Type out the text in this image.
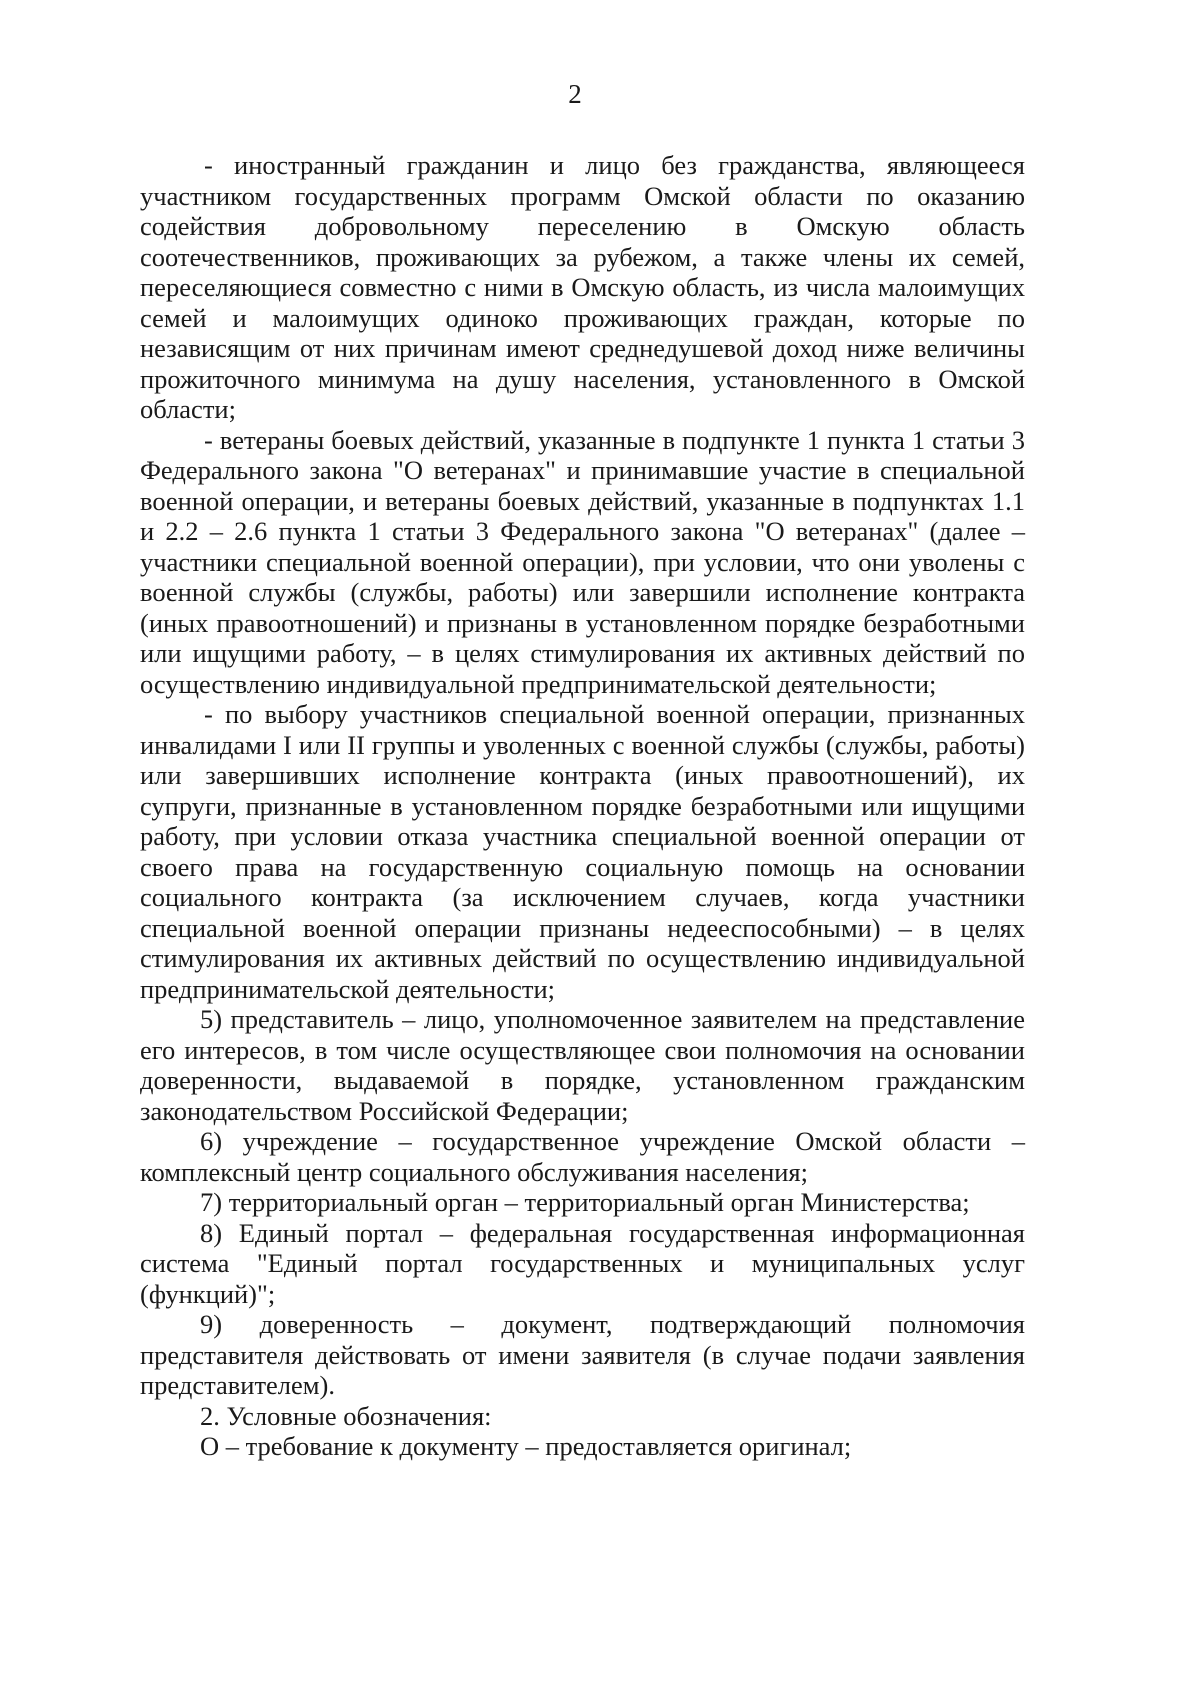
2

- иностранный гражданин и лицо без гражданства, являющееся участником государственных программ Омской области по оказанию содействия добровольному переселению в Омскую область соотечественников, проживающих за рубежом, а также члены их семей, переселяющиеся совместно с ними в Омскую область, из числа малоимущих семей и малоимущих одиноко проживающих граждан, которые по независящим от них причинам имеют среднедушевой доход ниже величины прожиточного минимума на душу населения, установленного в Омской области;

- ветераны боевых действий, указанные в подпункте 1 пункта 1 статьи 3 Федерального закона "О ветеранах" и принимавшие участие в специальной военной операции, и ветераны боевых действий, указанные в подпунктах 1.1 и 2.2 – 2.6 пункта 1 статьи 3 Федерального закона "О ветеранах" (далее – участники специальной военной операции), при условии, что они уволены с военной службы (службы, работы) или завершили исполнение контракта (иных правоотношений) и признаны в установленном порядке безработными или ищущими работу, – в целях стимулирования их активных действий по осуществлению индивидуальной предпринимательской деятельности;

- по выбору участников специальной военной операции, признанных инвалидами I или II группы и уволенных с военной службы (службы, работы) или завершивших исполнение контракта (иных правоотношений), их супруги, признанные в установленном порядке безработными или ищущими работу, при условии отказа участника специальной военной операции от своего права на государственную социальную помощь на основании социального контракта (за исключением случаев, когда участники специальной военной операции признаны недееспособными) – в целях стимулирования их активных действий по осуществлению индивидуальной предпринимательской деятельности;

5) представитель – лицо, уполномоченное заявителем на представление его интересов, в том числе осуществляющее свои полномочия на основании доверенности, выдаваемой в порядке, установленном гражданским законодательством Российской Федерации;

6) учреждение – государственное учреждение Омской области – комплексный центр социального обслуживания населения;

7) территориальный орган – территориальный орган Министерства;

8) Единый портал – федеральная государственная информационная система "Единый портал государственных и муниципальных услуг (функций)";

9) доверенность – документ, подтверждающий полномочия представителя действовать от имени заявителя (в случае подачи заявления представителем).

2. Условные обозначения:

О – требование к документу – предоставляется оригинал;
